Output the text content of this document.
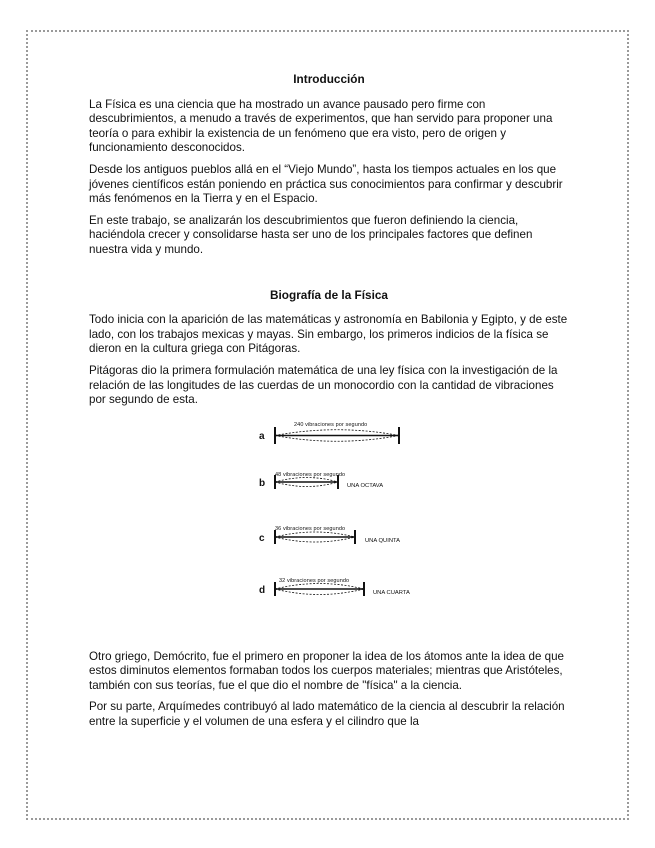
Introducción

La Física es una ciencia que ha mostrado un avance pausado pero firme con descubrimientos, a menudo a través de experimentos, que han servido para proponer una teoría o para exhibir la existencia de un fenómeno que era visto, pero de origen y funcionamiento desconocidos.

Desde los antiguos pueblos allá en el “Viejo Mundo”, hasta los tiempos actuales en los que jóvenes científicos están poniendo en práctica sus conocimientos para confirmar y descubrir más fenómenos en la Tierra y en el Espacio.

En este trabajo, se analizarán los descubrimientos que fueron definiendo la ciencia, haciéndola crecer y consolidarse hasta ser uno de los principales factores que definen nuestra vida y mundo.

Biografía de la Física

Todo inicia con la aparición de las matemáticas y astronomía en Babilonia y Egipto, y de este lado, con los trabajos mexicas y mayas. Sin embargo, los primeros indicios de la física se dieron en la cultura griega con Pitágoras.

Pitágoras dio la primera formulación matemática de una ley física con la investigación de la relación de las longitudes de las cuerdas de un monocordio con la cantidad de vibraciones por segundo de esta.

240 vibraciones por segundo
a
48 vibraciones por segundo
b	UNA OCTAVA
36 vibraciones por segundo
c	UNA QUINTA
32 vibraciones por segundo
d	UNA CUARTA

Otro griego, Demócrito, fue el primero en proponer la idea de los átomos ante la idea de que estos diminutos elementos formaban todos los cuerpos materiales; mientras que Aristóteles, también con sus teorías, fue el que dio el nombre de "física" a la ciencia.

Por su parte, Arquímedes contribuyó al lado matemático de la ciencia al descubrir la relación entre la superficie y el volumen de una esfera y el cilindro que la
